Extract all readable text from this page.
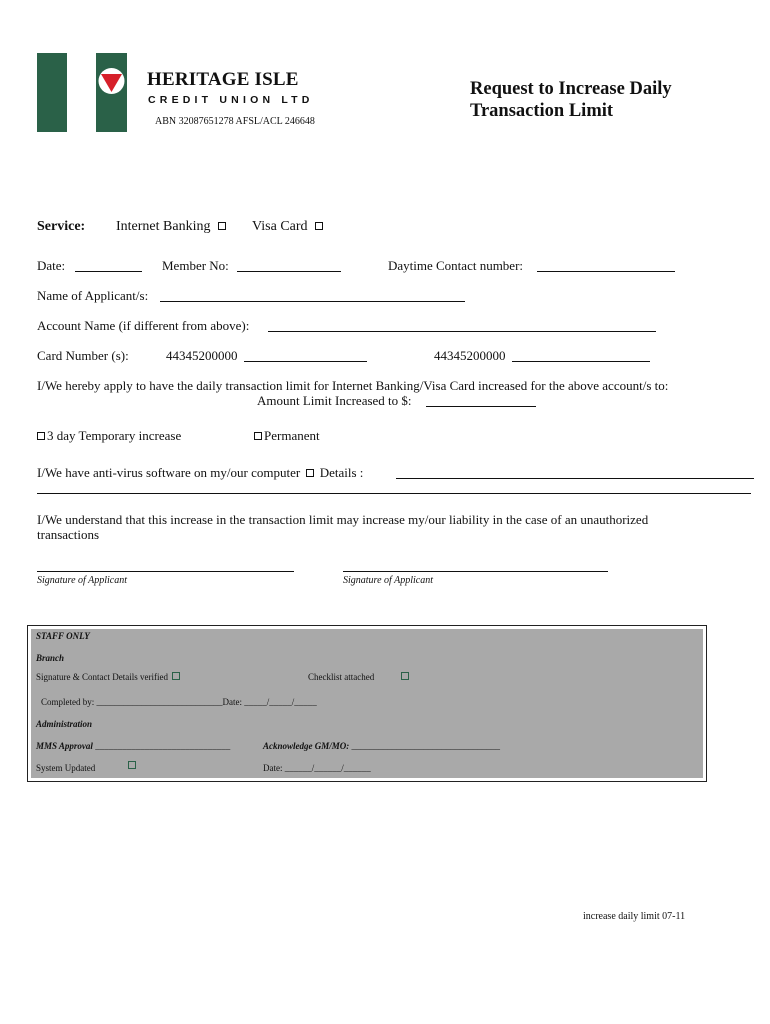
HERITAGE ISLE
CREDIT UNION LTD
ABN 32087651278 AFSL/ACL 246648
Request to Increase Daily
Transaction Limit
Service: Internet Banking	Visa Card
Date:	Member No:	Daytime Contact number:
Name of Applicant/s:
Account Name (if different from above):
Card Number (s):	44345200000	44345200000
I/We hereby apply to have the daily transaction limit for Internet Banking/Visa Card increased for the above account/s to:
Amount Limit Increased to $:
3 day Temporary increase	Permanent
I/We have anti-virus software on my/our computer Details :
I/We understand that this increase in the transaction limit may increase my/our liability in the case of an unauthorized
transactions
Signature of Applicant	Signature of Applicant
STAFF ONLY
Branch
Signature & Contact Details verified	Checklist attached
Completed by: ____________________________Date: _____/_____/_____
Administration
MMS Approval ______________________________	Acknowledge GM/MO: _________________________________
System Updated	Date: ______/______/______
increase daily limit 07-11
